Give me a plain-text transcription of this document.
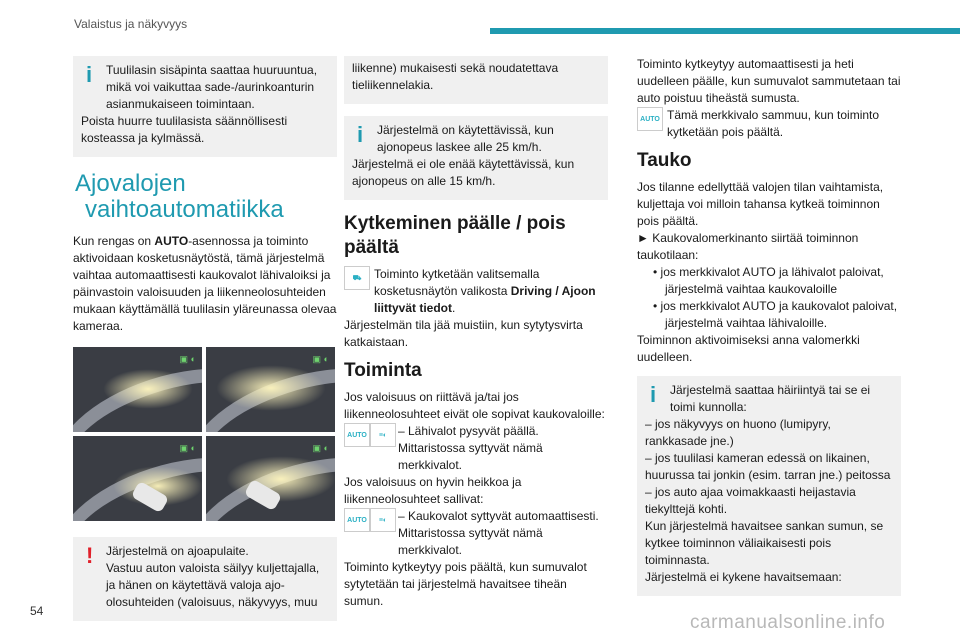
Valaistus ja näkyvyys
i	Tuulilasin sisäpinta saattaa huuruuntua, mikä voi vaikuttaa sade-/aurinkoanturin asianmukaiseen toimintaan.

Poista huurre tuulilasista säännöllisesti kosteassa ja kylmässä.

Ajovalojen
vaihtoautomatiikka

Kun rengas on AUTO-asennossa ja toiminto aktivoidaan kosketusnäytöstä, tämä järjestelmä vaihtaa automaattisesti kaukovalot lähivaloiksi ja päinvastoin valoisuuden ja liikenneolosuhteiden mukaan käyttämällä tuulilasin yläreunassa olevaa kameraa.

▣ ◐	▣ ◐
▣ ◐	▣ ◐
!	Järjestelmä on ajoapulaite.

Vastuu auton valoista säilyy kuljettajalla, ja hänen on käytettävä valoja ajo-olosuhteiden (valoisuus, näkyvyys, muu

liikenne) mukaisesti sekä noudatettava tieliikennelakia.

i	Järjestelmä on käytettävissä, kun ajonopeus laskee alle 25 km/h.

Järjestelmä ei ole enää käytettävissä, kun ajonopeus on alle 15 km/h.

Kytkeminen päälle / pois päältä
⛟	Toiminto kytketään valitsemalla kosketusnäytön valikosta Driving / Ajoon liittyvät tiedot.

Järjestelmän tila jää muistiin, kun sytytysvirta katkaistaan.

Toiminta

Jos valoisuus on riittävä ja/tai jos liikenneolosuhteet eivät ole sopivat kaukovaloille:

AUTO	≡◐ – Lähivalot pysyvät päällä. Mittaristossa syttyvät nämä merkkivalot.

Jos valoisuus on hyvin heikkoa ja liikenneolosuhteet sallivat:

AUTO	≡◐ – Kaukovalot syttyvät automaattisesti. Mittaristossa syttyvät nämä merkkivalot.

Toiminto kytkeytyy pois päältä, kun sumuvalot sytytetään tai järjestelmä havaitsee tiheän sumun.

Toiminto kytkeytyy automaattisesti ja heti uudelleen päälle, kun sumuvalot sammutetaan tai auto poistuu tiheästä sumusta.

AUTO Tämä merkkivalo sammuu, kun toiminto kytketään pois päältä.

Tauko

Jos tilanne edellyttää valojen tilan vaihtamista, kuljettaja voi milloin tahansa kytkeä toiminnon pois päältä.

► Kaukovalomerkinanto siirtää toiminnon taukotilaan:

• jos merkkivalot AUTO ja lähivalot paloivat, järjestelmä vaihtaa kaukovaloille

• jos merkkivalot AUTO ja kaukovalot paloivat, järjestelmä vaihtaa lähivaloille.

Toiminnon aktivoimiseksi anna valomerkki uudelleen.

i	Järjestelmä saattaa häiriintyä tai se ei toimi kunnolla:

– jos näkyvyys on huono (lumipyry, rankkasade jne.)

– jos tuulilasi kameran edessä on likainen, huurussa tai jonkin (esim. tarran jne.) peitossa

– jos auto ajaa voimakkaasti heijastavia tiekylttejä kohti.

Kun järjestelmä havaitsee sankan sumun, se kytkee toiminnon väliaikaisesti pois toiminnasta.

Järjestelmä ei kykene havaitsemaan:

54
carmanualsonline.info
